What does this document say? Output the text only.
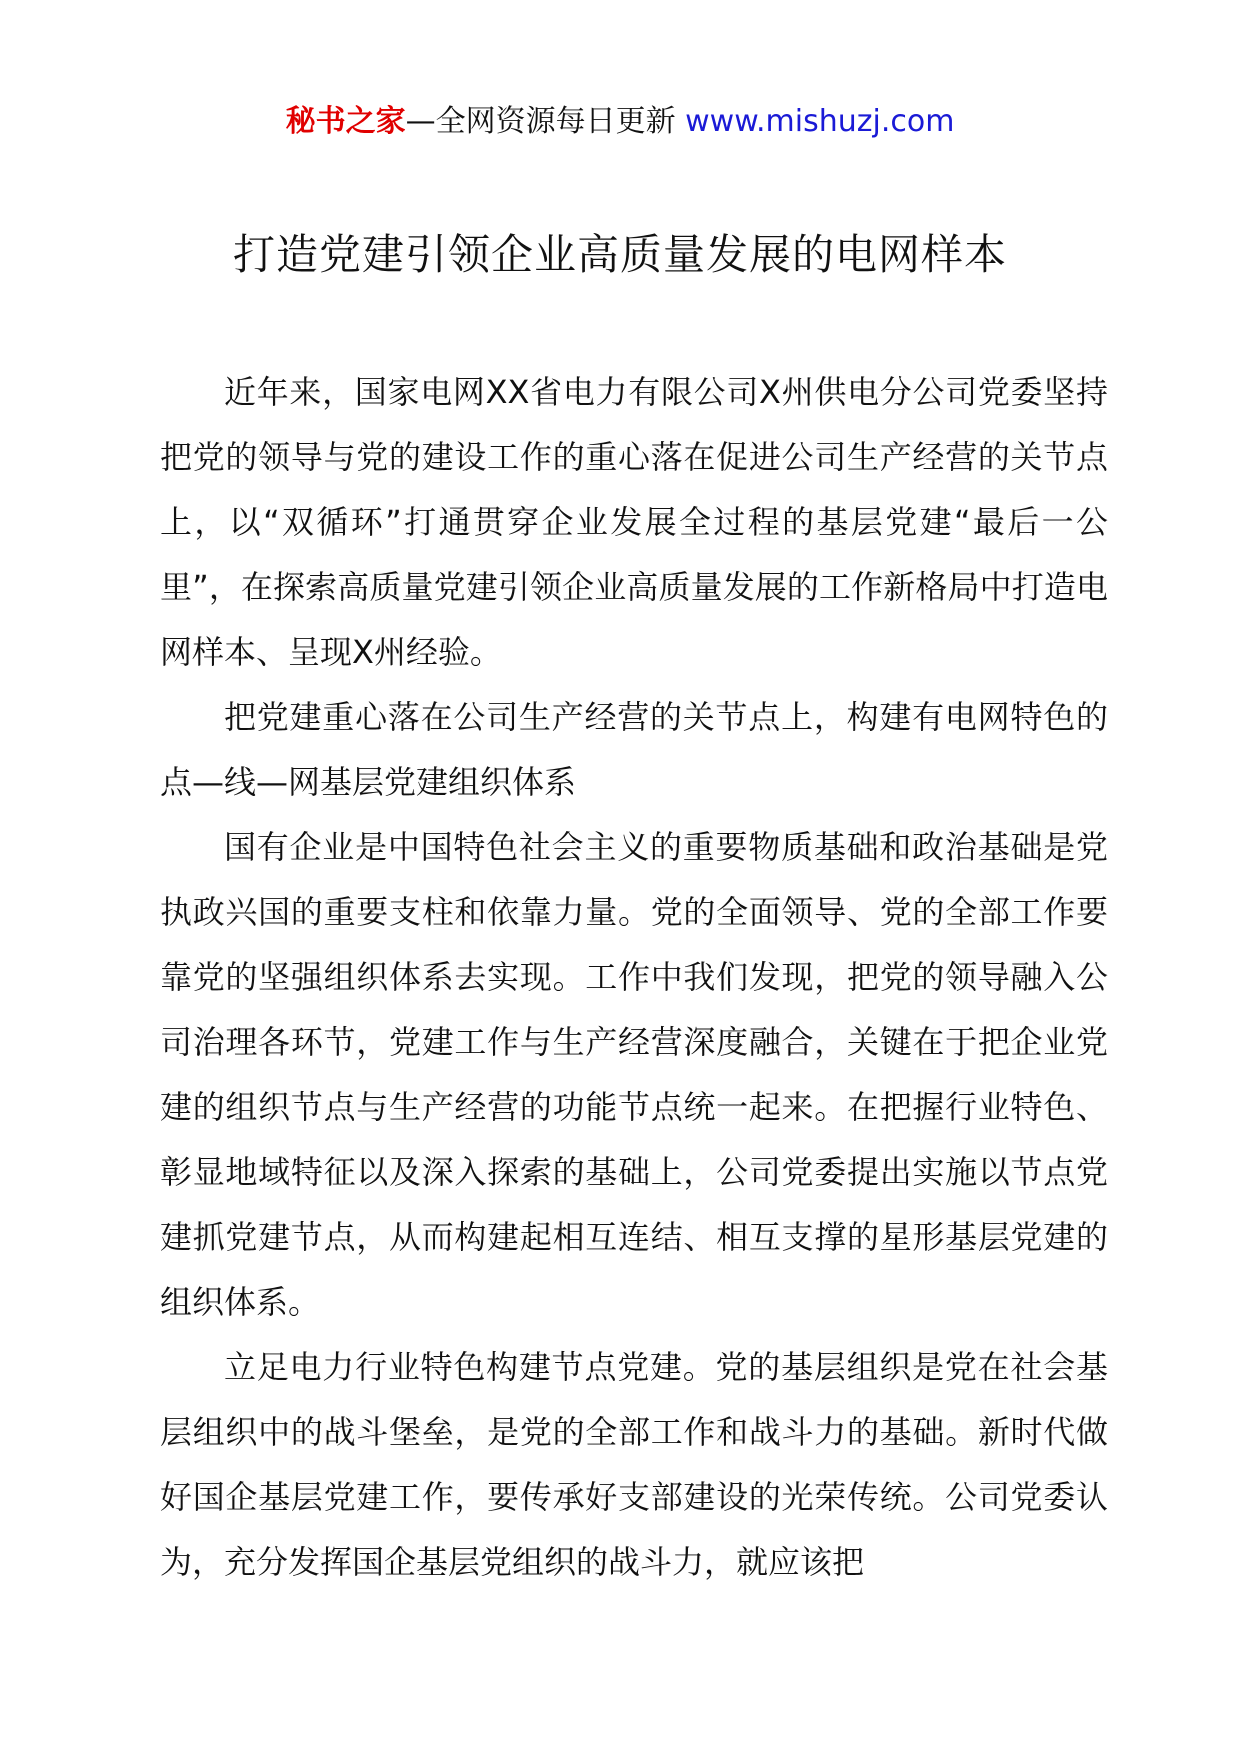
秘书之家—全网资源每日更新 www.mishuzj.com
打造党建引领企业高质量发展的电网样本

近年来，国家电网XX省电力有限公司X州供电分公司党委坚持把党的领导与党的建设工作的重心落在促进公司生产经营的关节点上，以“双循环”打通贯穿企业发展全过程的基层党建“最后一公里”，在探索高质量党建引领企业高质量发展的工作新格局中打造电网样本、呈现X州经验。

把党建重心落在公司生产经营的关节点上，构建有电网特色的点—线—网基层党建组织体系

国有企业是中国特色社会主义的重要物质基础和政治基础是党执政兴国的重要支柱和依靠力量。党的全面领导、党的全部工作要靠党的坚强组织体系去实现。工作中我们发现，把党的领导融入公司治理各环节，党建工作与生产经营深度融合，关键在于把企业党建的组织节点与生产经营的功能节点统一起来。在把握行业特色、彰显地域特征以及深入探索的基础上，公司党委提出实施以节点党建抓党建节点，从而构建起相互连结、相互支撑的星形基层党建的组织体系。

立足电力行业特色构建节点党建。党的基层组织是党在社会基层组织中的战斗堡垒，是党的全部工作和战斗力的基础。新时代做好国企基层党建工作，要传承好支部建设的光荣传统。公司党委认为，充分发挥国企基层党组织的战斗力，就应该把
